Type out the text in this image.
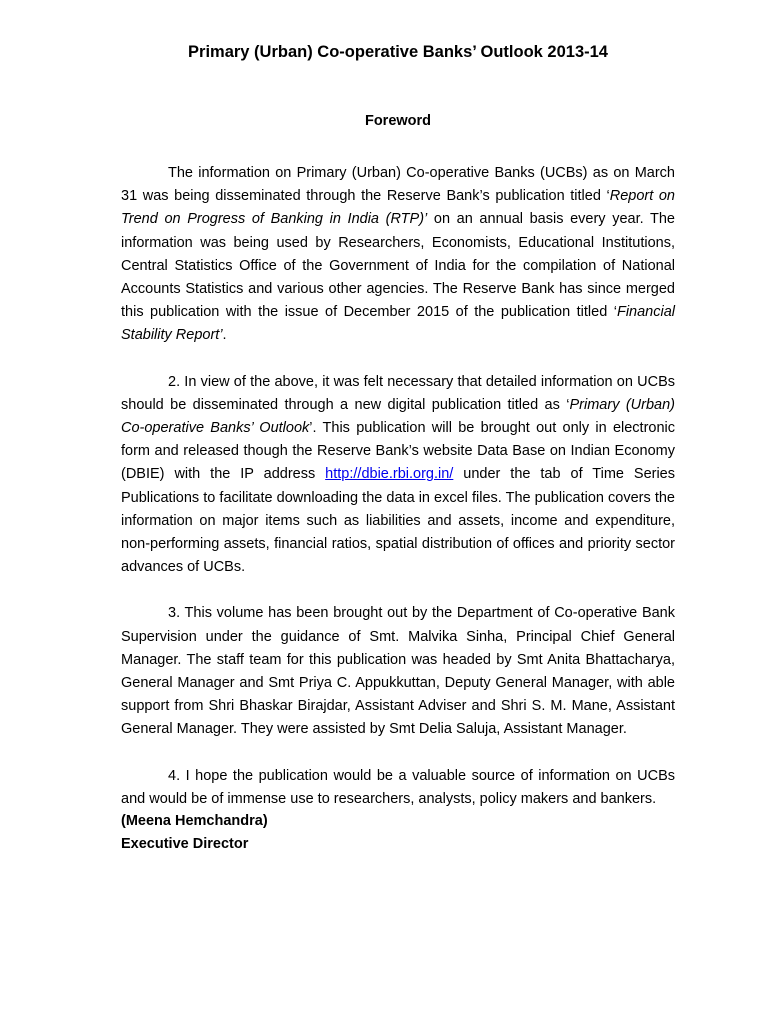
Primary (Urban) Co-operative Banks’ Outlook 2013-14
Foreword

The information on Primary (Urban) Co-operative Banks (UCBs) as on March 31 was being disseminated through the Reserve Bank’s publication titled ‘Report on Trend on Progress of Banking in India (RTP)’ on an annual basis every year. The information was being used by Researchers, Economists, Educational Institutions, Central Statistics Office of the Government of India for the compilation of National Accounts Statistics and various other agencies. The Reserve Bank has since merged this publication with the issue of December 2015 of the publication titled ‘Financial Stability Report’.

2. In view of the above, it was felt necessary that detailed information on UCBs should be disseminated through a new digital publication titled as ‘Primary (Urban) Co-operative Banks’ Outlook’. This publication will be brought out only in electronic form and released though the Reserve Bank’s website Data Base on Indian Economy (DBIE) with the IP address http://dbie.rbi.org.in/ under the tab of Time Series Publications to facilitate downloading the data in excel files. The publication covers the information on major items such as liabilities and assets, income and expenditure, non-performing assets, financial ratios, spatial distribution of offices and priority sector advances of UCBs.

3. This volume has been brought out by the Department of Co-operative Bank Supervision under the guidance of Smt. Malvika Sinha, Principal Chief General Manager. The staff team for this publication was headed by Smt Anita Bhattacharya, General Manager and Smt Priya C. Appukkuttan, Deputy General Manager, with able support from Shri Bhaskar Birajdar, Assistant Adviser and Shri S. M. Mane, Assistant General Manager. They were assisted by Smt Delia Saluja, Assistant Manager.

4. I hope the publication would be a valuable source of information on UCBs and would be of immense use to researchers, analysts, policy makers and bankers.

(Meena Hemchandra)
Executive Director
